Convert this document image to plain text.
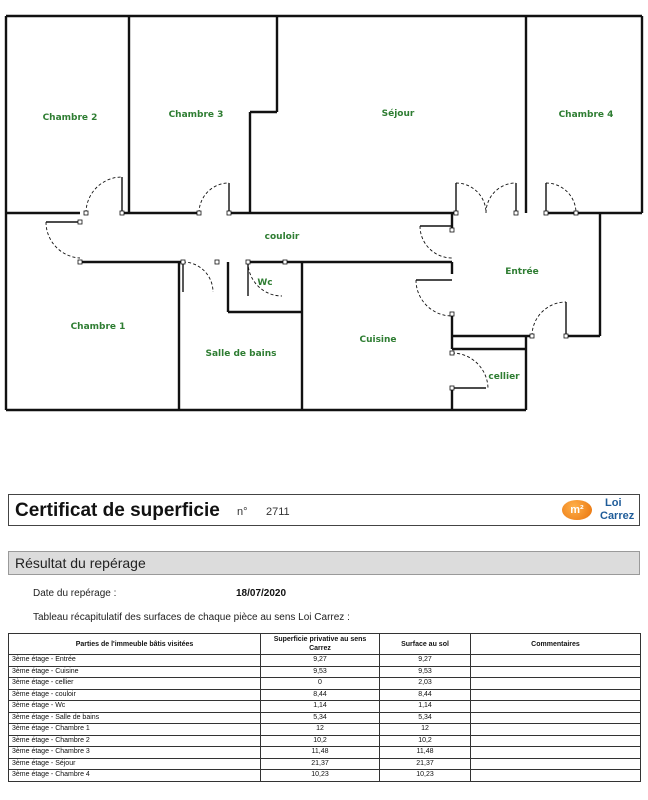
Chambre 2	Chambre 3	Séjour	Chambre 4
couloir
Entrée
Wc
Chambre 1
Salle de bains
Cuisine
cellier
Certificat de superficie n° 2711	m²
Loi
Carrez
Résultat du repérage
Date du repérage :	18/07/2020
Tableau récapitulatif des surfaces de chaque pièce au sens Loi Carrez :
Parties de l'immeuble bâtis visitées	Superficie privative au sens Carrez	Surface au sol	Commentaires
3ème étage - Entrée	9,27	9,27	
3ème étage - Cuisine	9,53	9,53	
3ème étage - cellier	0	2,03	
3ème étage - couloir	8,44	8,44	
3ème étage - Wc	1,14	1,14	
3ème étage - Salle de bains	5,34	5,34	
3ème étage - Chambre 1	12	12	
3ème étage - Chambre 2	10,2	10,2	
3ème étage - Chambre 3	11,48	11,48	
3ème étage - Séjour	21,37	21,37	
3ème étage - Chambre 4	10,23	10,23	
